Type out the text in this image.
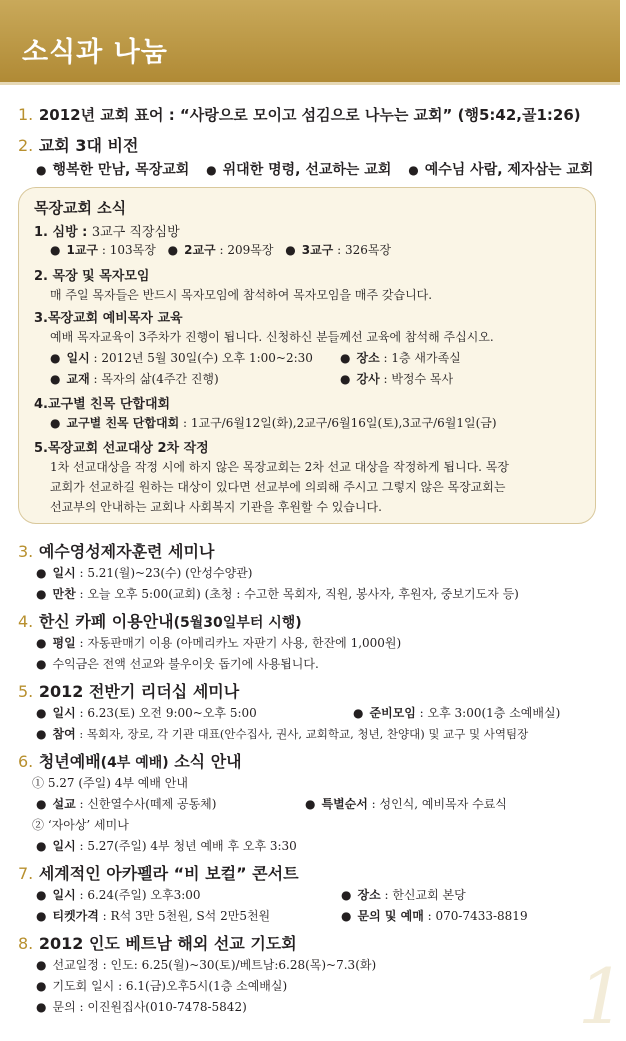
소식과 나눔
1. 2012년 교회 표어 : “사랑으로 모이고 섬김으로 나누는 교회” (행5:42,골1:26)
2. 교회 3대 비전
● 행복한 만남, 목장교회 ● 위대한 명령, 선교하는 교회 ● 예수님 사람, 제자삼는 교회
목장교회 소식
1. 심방 : 3교구 직장심방
● 1교구 : 103목장 ● 2교구 : 209목장 ● 3교구 : 326목장
2. 목장 및 목자모임
매 주일 목자들은 반드시 목자모임에 참석하여 목자모임을 매주 갖습니다.
3.목장교회 예비목자 교육
예배 목자교육이 3주차가 진행이 됩니다. 신청하신 분들께선 교육에 참석해 주십시오.
● 일시 : 2012년 5월 30일(수) 오후 1:00~2:30 ● 장소 : 1층 새가족실
● 교재 : 목자의 삶(4주간 진행)	● 강사 : 박정수 목사
4.교구별 친목 단합대회
● 교구별 친목 단합대회 : 1교구/6월12일(화),2교구/6월16일(토),3교구/6월1일(금)
5.목장교회 선교대상 2차 작정
1차 선교대상을 작정 시에 하지 않은 목장교회는 2차 선교 대상을 작정하게 됩니다. 목장
교회가 선교하길 원하는 대상이 있다면 선교부에 의뢰해 주시고 그렇지 않은 목장교회는
선교부의 안내하는 교회나 사회복지 기관을 후원할 수 있습니다.
3. 예수영성제자훈련 세미나
● 일시 : 5.21(월)~23(수) (안성수양관)
● 만찬 : 오늘 오후 5:00(교회) (초청 : 수고한 목회자, 직원, 봉사자, 후원자, 중보기도자 등)
4. 한신 카페 이용안내(5월30일부터 시행)
● 평일 : 자동판매기 이용 (아메리카노 자판기 사용, 한잔에 1,000원)
● 수익금은 전액 선교와 불우이웃 돕기에 사용됩니다.
5. 2012 전반기 리더십 세미나
● 일시 : 6.23(토) 오전 9:00~오후 5:00	● 준비모임 : 오후 3:00(1층 소예배실)
● 참여 : 목회자, 장로, 각 기관 대표(안수집사, 권사, 교회학교, 청년, 찬양대) 및 교구 및 사역팀장
6. 청년예배(4부 예배) 소식 안내
① 5.27 (주일) 4부 예배 안내
● 설교 : 신한열수사(떼제 공동체)	● 특별순서 : 성인식, 예비목자 수료식
② ‘자아상’ 세미나
● 일시 : 5.27(주일) 4부 청년 예배 후 오후 3:30
7. 세계적인 아카펠라 “비 보컬” 콘서트
● 일시 : 6.24(주일) 오후3:00	● 장소 : 한신교회 본당
● 티켓가격 : R석 3만 5천원, S석 2만5천원	● 문의 및 예매 : 070-7433-8819
8. 2012 인도 베트남 해외 선교 기도회
● 선교일정 : 인도: 6.25(월)~30(토)/베트남:6.28(목)~7.3(화)
● 기도회 일시 : 6.1(금)오후5시(1층 소예배실)
● 문의 : 이진원집사(010-7478-5842)	1
